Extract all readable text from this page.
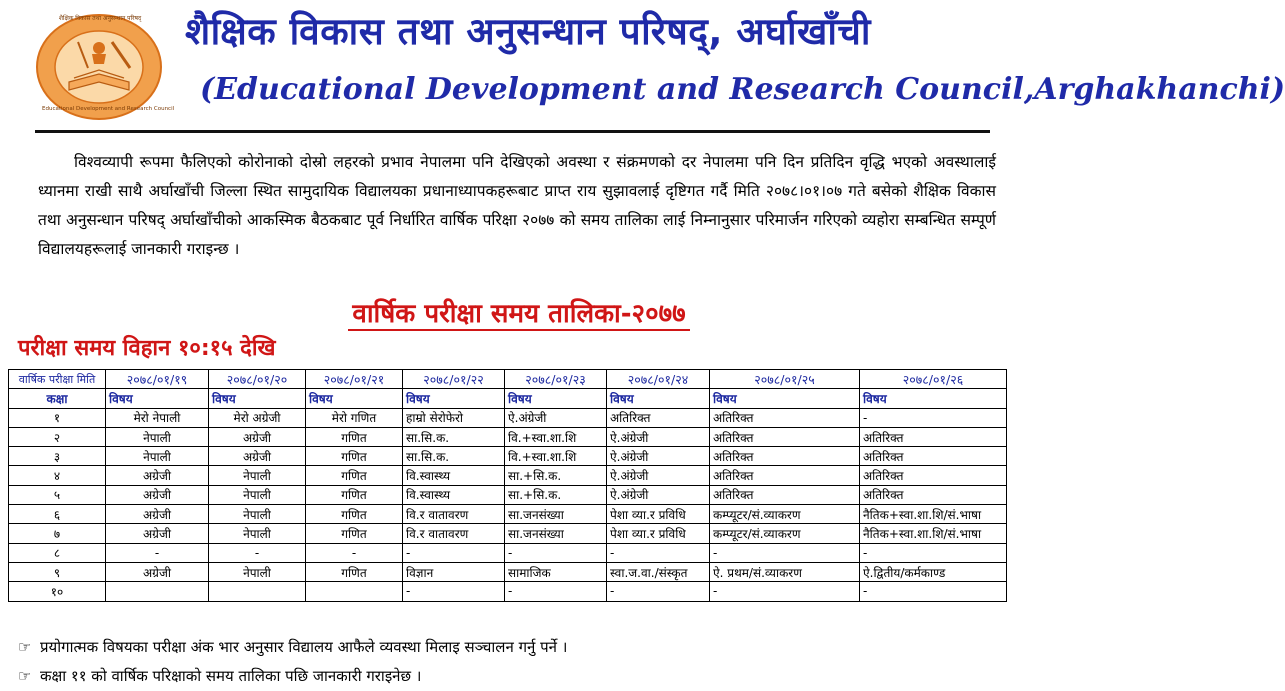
शैक्षिक विकास तथा अनुसन्धान परिषद्
Educational Development and Research Council
शैक्षिक विकास तथा अनुसन्धान परिषद्, अर्घाखाँची
(Educational Development and Research Council,Arghakhanchi)
विश्वव्यापी रूपमा फैलिएको कोरोनाको दोस्रो लहरको प्रभाव नेपालमा पनि देखिएको अवस्था र संक्रमणको दर नेपालमा पनि दिन प्रतिदिन वृद्धि भएको अवस्थालाई ध्यानमा राखी साथै अर्घाखाँची जिल्ला स्थित सामुदायिक विद्यालयका प्रधानाध्यापकहरूबाट प्राप्त राय सुझावलाई दृष्टिगत गर्दै मिति २०७८।०१।०७ गते बसेको शैक्षिक विकास तथा अनुसन्धान परिषद् अर्घाखाँचीको आकस्मिक बैठकबाट पूर्व निर्धारित वार्षिक परिक्षा २०७७ को समय तालिका लाई निम्नानुसार परिमार्जन गरिएको व्यहोरा सम्बन्धित सम्पूर्ण विद्यालयहरूलाई जानकारी गराइन्छ ।
वार्षिक परीक्षा समय तालिका-२०७७
परीक्षा समय विहान १०:१५ देखि
वार्षिक परीक्षा मिति	२०७८/०१/१९	२०७८/०१/२०	२०७८/०१/२१	२०७८/०१/२२	२०७८/०१/२३	२०७८/०१/२४	२०७८/०१/२५	२०७८/०१/२६
कक्षा	विषय	विषय	विषय	विषय	विषय	विषय	विषय	विषय
१	मेरो नेपाली	मेरो अग्रेजी	मेरो गणित	हाम्रो सेरोफेरो	ऐ.अंग्रेजी	अतिरिक्त	अतिरिक्त	-
२	नेपाली	अग्रेजी	गणित	सा.सि.क.	वि.+स्वा.शा.शि	ऐ.अंग्रेजी	अतिरिक्त	अतिरिक्त
३	नेपाली	अग्रेजी	गणित	सा.सि.क.	वि.+स्वा.शा.शि	ऐ.अंग्रेजी	अतिरिक्त	अतिरिक्त
४	अग्रेजी	नेपाली	गणित	वि.स्वास्थ्य	सा.+सि.क.	ऐ.अंग्रेजी	अतिरिक्त	अतिरिक्त
५	अग्रेजी	नेपाली	गणित	वि.स्वास्थ्य	सा.+सि.क.	ऐ.अंग्रेजी	अतिरिक्त	अतिरिक्त
६	अग्रेजी	नेपाली	गणित	वि.र वातावरण	सा.जनसंख्या	पेशा व्या.र प्रविधि	कम्प्यूटर/सं.व्याकरण	नैतिक+स्वा.शा.शि/सं.भाषा
७	अग्रेजी	नेपाली	गणित	वि.र वातावरण	सा.जनसंख्या	पेशा व्या.र प्रविधि	कम्प्यूटर/सं.व्याकरण	नैतिक+स्वा.शा.शि/सं.भाषा
८	-	-	-	-	-	-	-	-
९	अग्रेजी	नेपाली	गणित	विज्ञान	सामाजिक	स्वा.ज.वा./संस्कृत	ऐ. प्रथम/सं.व्याकरण	ऐ.द्वितीय/कर्मकाण्ड
१०				-	-	-	-	-
☞ प्रयोगात्मक विषयका परीक्षा अंक भार अनुसार विद्यालय आफैले व्यवस्था मिलाइ सञ्चालन गर्नु पर्ने ।
☞ कक्षा ११ को वार्षिक परिक्षाको समय तालिका पछि जानकारी गराइनेछ ।
